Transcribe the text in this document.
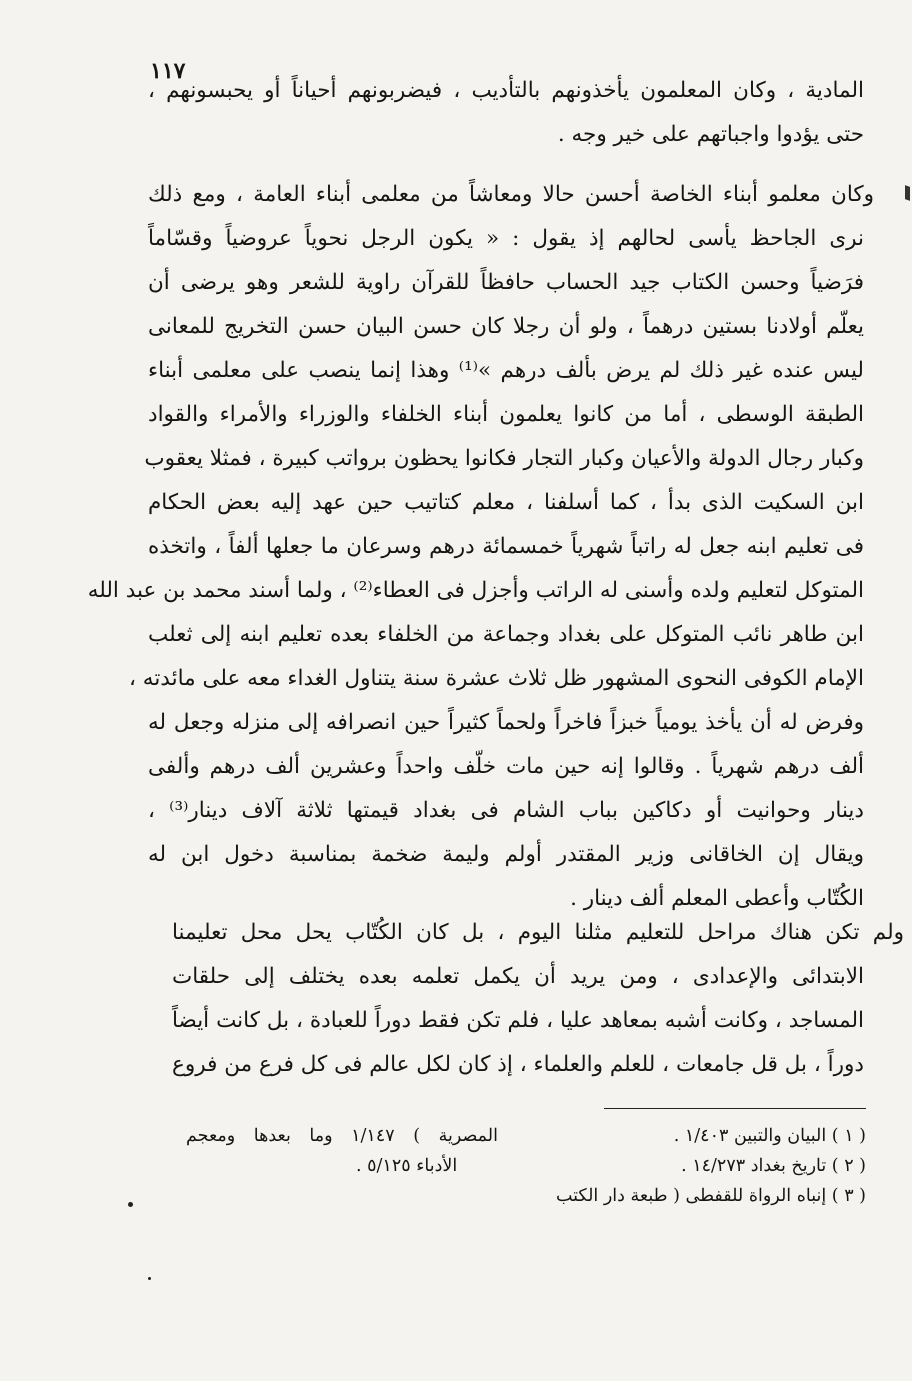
١١٧
المادية ، وكان المعلمون يأخذونهم بالتأديب ، فيضربونهم أحياناً أو يحبسونهم ،
حتى يؤدوا واجباتهم على خير وجه .
وكان معلمو أبناء الخاصة أحسن حالا ومعاشاً من معلمى أبناء العامة ، ومع ذلك
نرى الجاحظ يأسى لحالهم إذ يقول : « يكون الرجل نحوياً عروضياً وقسّاماً
فرَضياً وحسن الكتاب جيد الحساب حافظاً للقرآن راوية للشعر وهو يرضى أن
يعلّم أولادنا بستين درهماً ، ولو أن رجلا كان حسن البيان حسن التخريج للمعانى
ليس عنده غير ذلك لم يرض بألف درهم »⁽¹⁾ وهذا إنما ينصب على معلمى أبناء
الطبقة الوسطى ، أما من كانوا يعلمون أبناء الخلفاء والوزراء والأمراء والقواد
وكبار رجال الدولة والأعيان وكبار التجار فكانوا يحظون برواتب كبيرة ، فمثلا يعقوب
ابن السكيت الذى بدأ ، كما أسلفنا ، معلم كتاتيب حين عهد إليه بعض الحكام
فى تعليم ابنه جعل له راتباً شهرياً خمسمائة درهم وسرعان ما جعلها ألفاً ، واتخذه
المتوكل لتعليم ولده وأسنى له الراتب وأجزل فى العطاء⁽²⁾ ، ولما أسند محمد بن عبد الله
ابن طاهر نائب المتوكل على بغداد وجماعة من الخلفاء بعده تعليم ابنه إلى ثعلب
الإمام الكوفى النحوى المشهور ظل ثلاث عشرة سنة يتناول الغداء معه على مائدته ،
وفرض له أن يأخذ يومياً خبزاً فاخراً ولحماً كثيراً حين انصرافه إلى منزله وجعل له
ألف درهم شهرياً . وقالوا إنه حين مات خلّف واحداً وعشرين ألف درهم وألفى
دينار وحوانيت أو دكاكين بباب الشام فى بغداد قيمتها ثلاثة آلاف دينار⁽³⁾ ،
ويقال إن الخاقانى وزير المقتدر أولم وليمة ضخمة بمناسبة دخول ابن له
الكُتّاب وأعطى المعلم ألف دينار .
ولم تكن هناك مراحل للتعليم مثلنا اليوم ، بل كان الكُتّاب يحل محل تعليمنا
الابتدائى والإعدادى ، ومن يريد أن يكمل تعلمه بعده يختلف إلى حلقات
المساجد ، وكانت أشبه بمعاهد عليا ، فلم تكن فقط دوراً للعبادة ، بل كانت أيضاً
دوراً ، بل قل جامعات ، للعلم والعلماء ، إذ كان لكل عالم فى كل فرع من فروع
( ١ ) البيان والتبين ١/٤٠٣ .
( ٢ ) تاريخ بغداد ١٤/٢٧٣ .
( ٣ ) إنباه الرواة للقفطى ( طبعة دار الكتب
المصرية ) ١/١٤٧ وما بعدها ومعجم
الأدباء ٥/١٢٥ .
